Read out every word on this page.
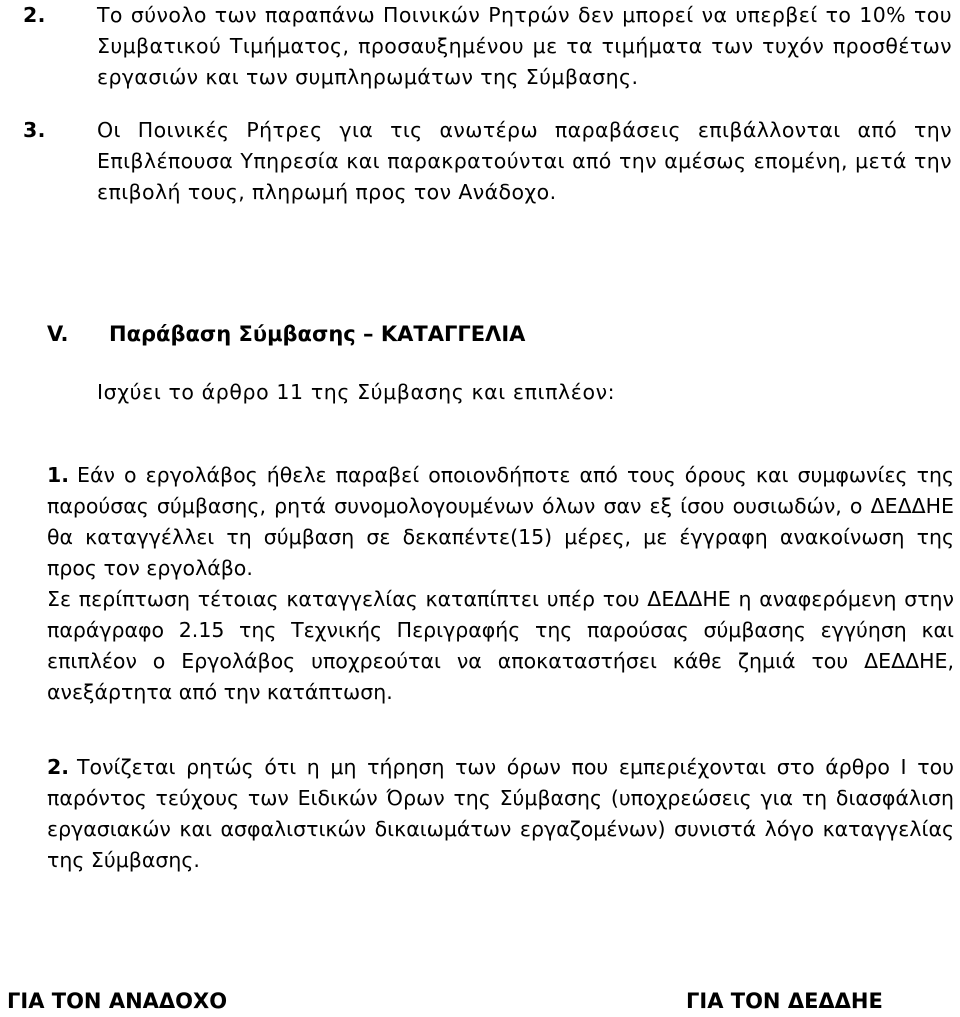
2. Το σύνολο των παραπάνω Ποινικών Ρητρών δεν μπορεί να υπερβεί το 10% του Συμβατικού Τιμήματος, προσαυξημένου με τα τιμήματα των τυχόν προσθέτων εργασιών και των συμπληρωμάτων της Σύμβασης.
3. Οι Ποινικές Ρήτρες για τις ανωτέρω παραβάσεις επιβάλλονται από την Επιβλέπουσα Υπηρεσία και παρακρατούνται από την αμέσως επομένη, μετά την επιβολή τους, πληρωμή προς τον Ανάδοχο.
V. Παράβαση Σύμβασης – ΚΑΤΑΓΓΕΛΙΑ
Ισχύει το άρθρο 11 της Σύμβασης και επιπλέον:

1. Εάν ο εργολάβος ήθελε παραβεί οποιονδήποτε από τους όρους και συμφωνίες της παρούσας σύμβασης, ρητά συνομολογουμένων όλων σαν εξ ίσου ουσιωδών, ο ΔΕΔΔΗΕ θα καταγγέλλει τη σύμβαση σε δεκαπέντε(15) μέρες, με έγγραφη ανακοίνωση της προς τον εργολάβο.

Σε περίπτωση τέτοιας καταγγελίας καταπίπτει υπέρ του ΔΕΔΔΗΕ η αναφερόμενη στην παράγραφο 2.15 της Τεχνικής Περιγραφής της παρούσας σύμβασης εγγύηση και επιπλέον ο Εργολάβος υποχρεούται να αποκαταστήσει κάθε ζημιά του ΔΕΔΔΗΕ, ανεξάρτητα από την κατάπτωση.

2. Τονίζεται ρητώς ότι η μη τήρηση των όρων που εμπεριέχονται στο άρθρο Ι του παρόντος τεύχους των Ειδικών Όρων της Σύμβασης (υποχρεώσεις για τη διασφάλιση εργασιακών και ασφαλιστικών δικαιωμάτων εργαζομένων) συνιστά λόγο καταγγελίας της Σύμβασης.

ΓΙΑ ΤΟΝ ΑΝΑΔΟΧΟ	ΓΙΑ ΤΟΝ ΔΕΔΔΗΕ
